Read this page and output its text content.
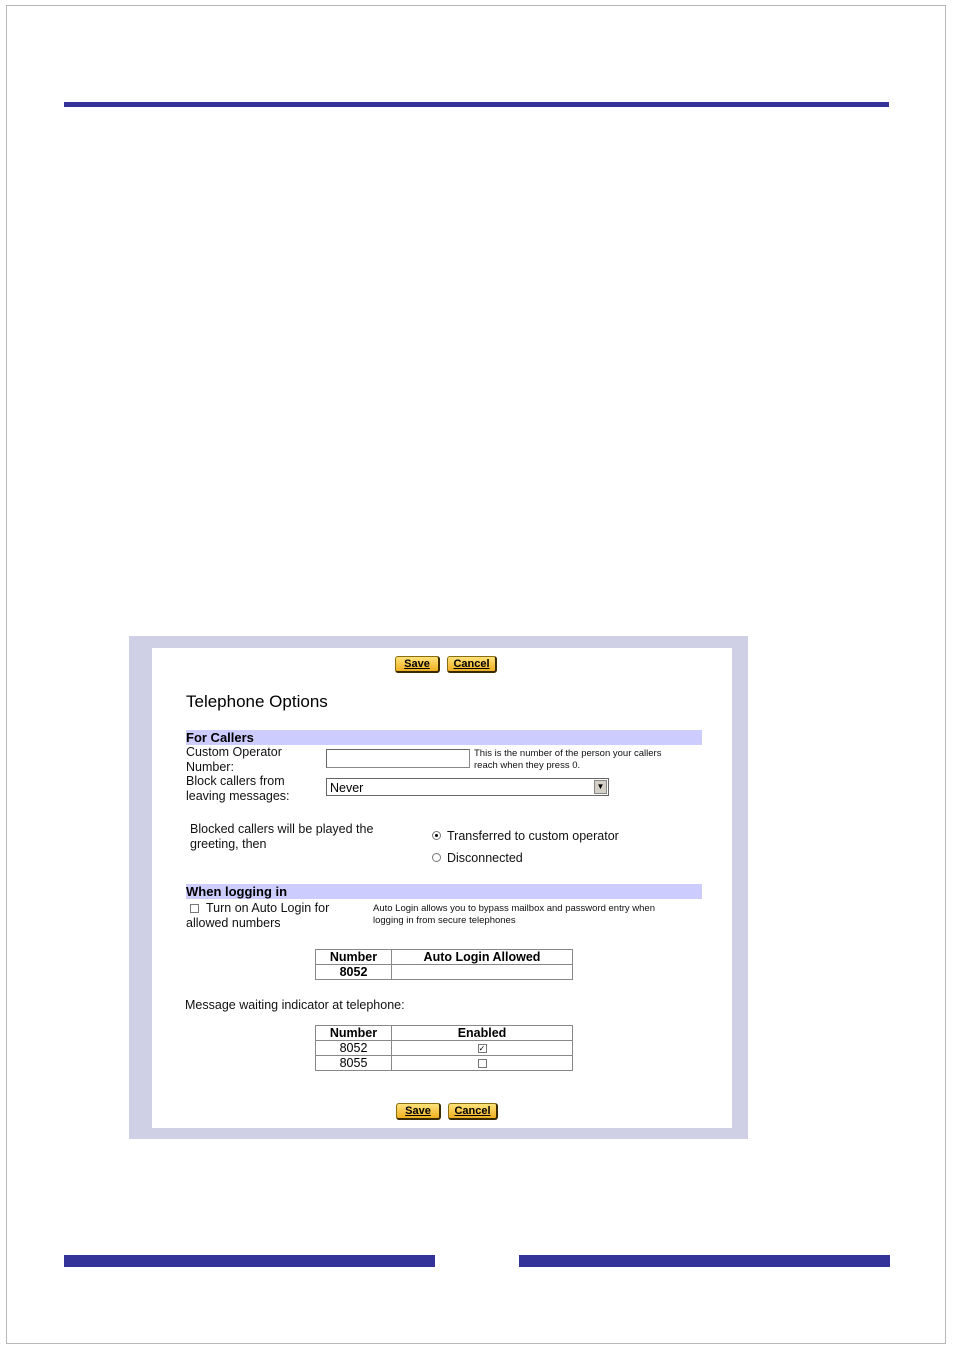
Save	Cancel
Telephone Options
For Callers
Custom Operator
Number:
This is the number of the person your callers
reach when they press 0.
Block callers from
leaving messages:
Never	▼
Blocked callers will be played the
greeting, then
Transferred to custom operator
Disconnected
When logging in
Turn on Auto Login for
allowed numbers
Auto Login allows you to bypass mailbox and password entry when
logging in from secure telephones
Number	Auto Login Allowed
8052	
Message waiting indicator at telephone:
Number	Enabled
8052	✓
8055	
Save	Cancel
